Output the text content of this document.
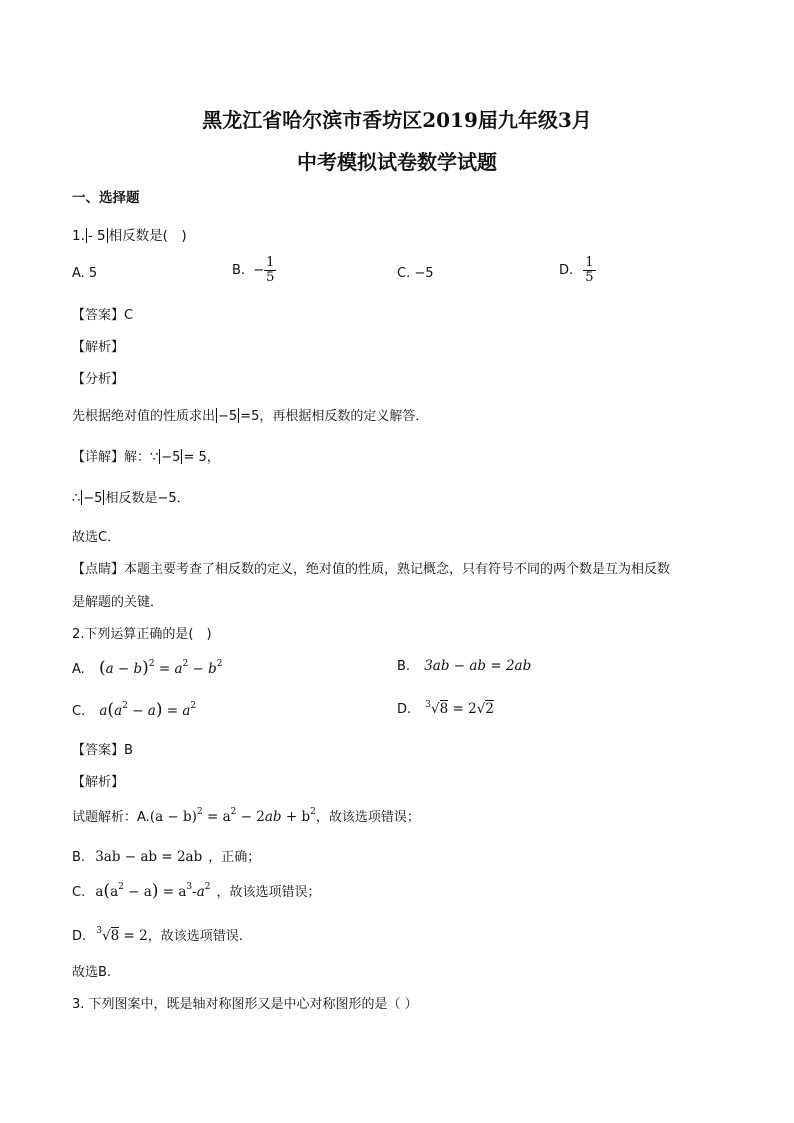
黑龙江省哈尔滨市香坊区2019届九年级3月
中考模拟试卷数学试题
一、选择题
1. - 5 相反数是(　)
A. 5	B. − $\frac{1}{5}$	C. −5	D. $\frac{1}{5}$
【答案】C
【解析】
【分析】
先根据绝对值的性质求出 −5 =5，再根据相反数的定义解答．
【详解】解：∵ −5 = 5，
∴ −5 相反数是−5．
故选C．
【点睛】本题主要考查了相反数的定义，绝对值的性质，熟记概念，只有符号不同的两个数是互为相反数
是解题的关键．
2.下列运算正确的是(　)
A. $(a - b)^2 = a^2 - b^2$	B. 3ab − ab = 2ab
C. $a(a^2 - a) = a^2$	D. $^3$√8 = 2√2
【答案】B
【解析】
试题解析：$A.(a - b)^2 = a^2 - 2ab + b^2$，故该选项错误；
B. 3ab − ab = 2ab ，正确；
C. $a(a^2 - a) = a^3-a^2$ ，故该选项错误；
D. $^3$√8 = 2，故该选项错误.
故选B.
3. 下列图案中，既是轴对称图形又是中心对称图形的是（ ）
